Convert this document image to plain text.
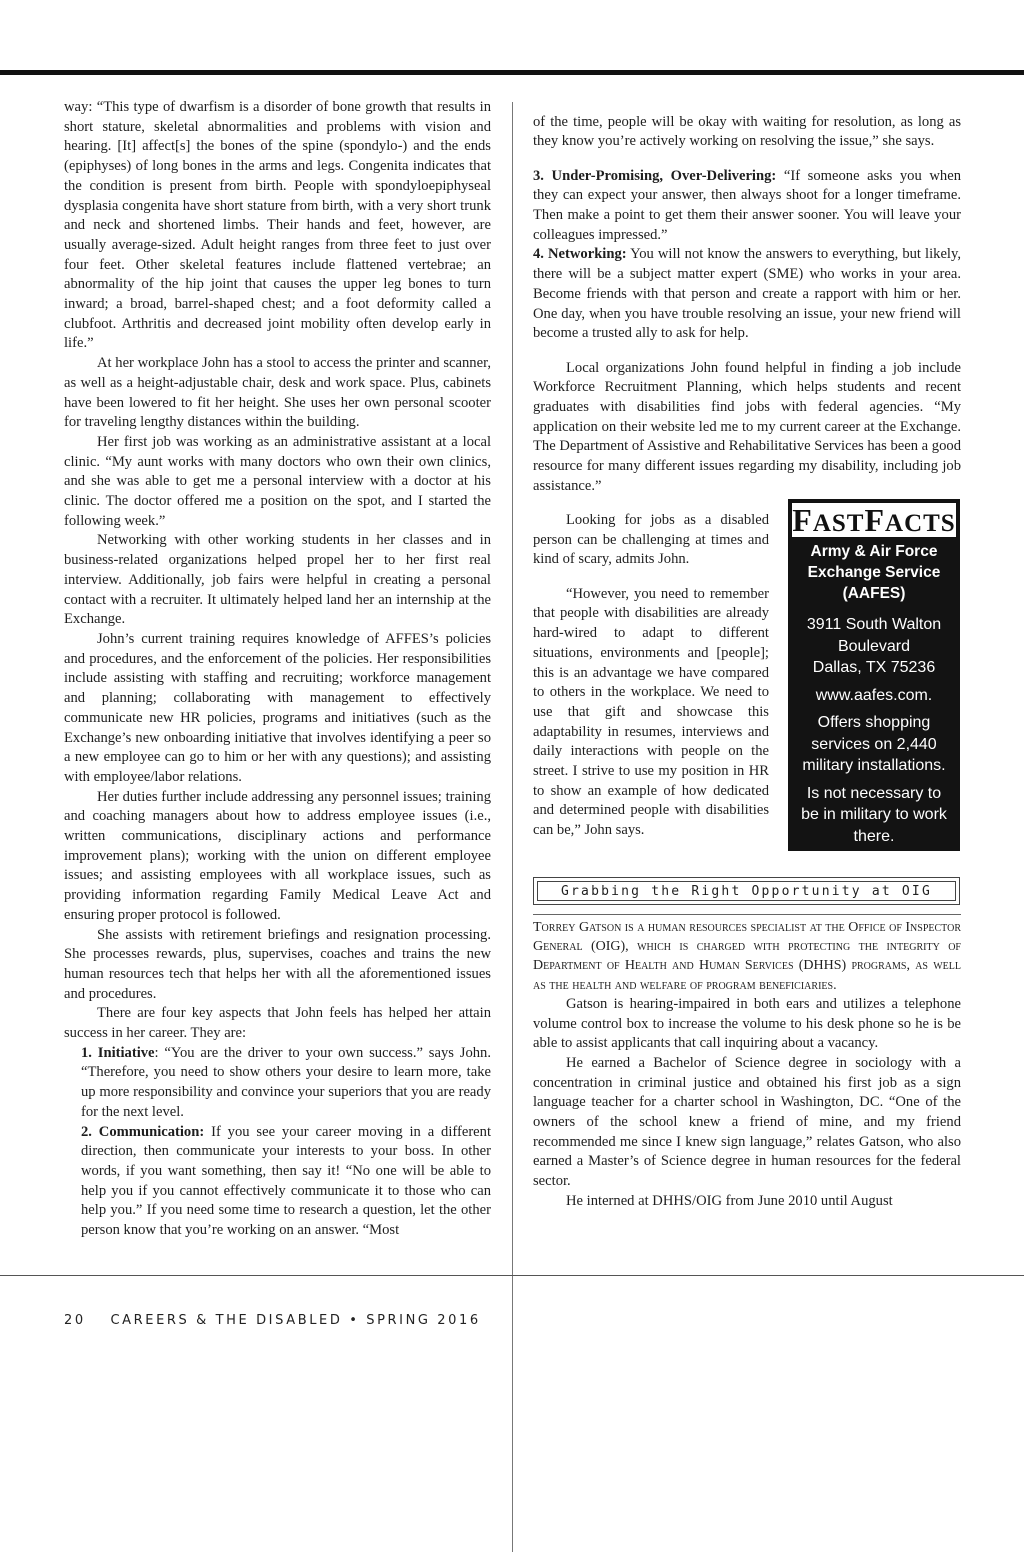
way: “This type of dwarfism is a disorder of bone growth that results in short stature, skeletal abnormalities and problems with vision and hearing. [It] affect[s] the bones of the spine (spondylo-) and the ends (epiphyses) of long bones in the arms and legs. Congenita indicates that the condition is present from birth. People with spondyloepiphyseal dysplasia congenita have short stature from birth, with a very short trunk and neck and shortened limbs. Their hands and feet, however, are usually average-sized. Adult height ranges from three feet to just over four feet. Other skeletal features include flattened vertebrae; an abnormality of the hip joint that causes the upper leg bones to turn inward; a broad, barrel-shaped chest; and a foot deformity called a clubfoot. Arthritis and decreased joint mobility often develop early in life.”

At her workplace John has a stool to access the printer and scanner, as well as a height-adjustable chair, desk and work space. Plus, cabinets have been lowered to fit her height. She uses her own personal scooter for traveling lengthy distances within the building.

Her first job was working as an administrative assistant at a local clinic. “My aunt works with many doctors who own their own clinics, and she was able to get me a personal interview with a doctor at his clinic. The doctor offered me a position on the spot, and I started the following week.”

Networking with other working students in her classes and in business-related organizations helped propel her to her first real interview. Additionally, job fairs were helpful in creating a personal contact with a recruiter. It ultimately helped land her an internship at the Exchange.

John’s current training requires knowledge of AFFES’s policies and procedures, and the enforcement of the policies. Her responsibilities include assisting with staffing and recruiting; workforce management and planning; collaborating with management to effectively communicate new HR policies, programs and initiatives (such as the Exchange’s new onboarding initiative that involves identifying a peer so a new employee can go to him or her with any questions); and assisting with employee/labor relations.

Her duties further include addressing any personnel issues; training and coaching managers about how to address employee issues (i.e., written communications, disciplinary actions and performance improvement plans); working with the union on different employee issues; and assisting employees with all workplace issues, such as providing information regarding Family Medical Leave Act and ensuring proper protocol is followed.

She assists with retirement briefings and resignation processing. She processes rewards, plus, supervises, coaches and trains the new human resources tech that helps her with all the aforementioned issues and procedures.

There are four key aspects that John feels has helped her attain success in her career. They are:

1. Initiative: “You are the driver to your own success.” says John. “Therefore, you need to show others your desire to learn more, take up more responsibility and convince your superiors that you are ready for the next level.

2. Communication: If you see your career moving in a different direction, then communicate your interests to your boss. In other words, if you want something, then say it! “No one will be able to help you if you cannot effectively communicate it to those who can help you.” If you need some time to research a question, let the other person know that you’re working on an answer. “Most

of the time, people will be okay with waiting for resolution, as long as they know you’re actively working on resolving the issue,” she says.

3. Under-Promising, Over-Delivering: “If someone asks you when they can expect your answer, then always shoot for a longer timeframe. Then make a point to get them their answer sooner. You will leave your colleagues impressed.”

4. Networking: You will not know the answers to everything, but likely, there will be a subject matter expert (SME) who works in your area. Become friends with that person and create a rapport with him or her. One day, when you have trouble resolving an issue, your new friend will become a trusted ally to ask for help.

Local organizations John found helpful in finding a job include Workforce Recruitment Planning, which helps students and recent graduates with disabilities find jobs with federal agencies. “My application on their website led me to my current career at the Exchange. The Department of Assistive and Rehabilitative Services has been a good resource for many different issues regarding my disability, including job assistance.”

Looking for jobs as a disabled person can be challenging at times and kind of scary, admits John.

“However, you need to remember that people with disabilities are already hard-wired to adapt to different situations, environments and [people]; this is an advantage we have compared to others in the workplace. We need to use that gift and showcase this adaptability in resumes, interviews and daily interactions with people on the street. I strive to use my position in HR to show an example of how dedicated and determined people with disabilities can be,” John says.

FASTFACTS
Army & Air Force
Exchange Service
(AAFES)
3911 South Walton
Boulevard
Dallas, TX 75236
www.aafes.com.
Offers shopping services on 2,440 military installations.
Is not necessary to be in military to work there.
Grabbing the Right Opportunity at OIG

Torrey Gatson is a human resources specialist at the Office of Inspector General (OIG), which is charged with protecting the integrity of Department of Health and Human Services (DHHS) programs, as well as the health and welfare of program beneficiaries.

Gatson is hearing-impaired in both ears and utilizes a telephone volume control box to increase the volume to his desk phone so he is be able to assist applicants that call inquiring about a vacancy.

He earned a Bachelor of Science degree in sociology with a concentration in criminal justice and obtained his first job as a sign language teacher for a charter school in Washington, DC. “One of the owners of the school knew a friend of mine, and my friend recommended me since I knew sign language,” relates Gatson, who also earned a Master’s of Science degree in human resources for the federal sector.

He interned at DHHS/OIG from June 2010 until August

20 CAREERS & THE DISABLED • SPRING 2016
